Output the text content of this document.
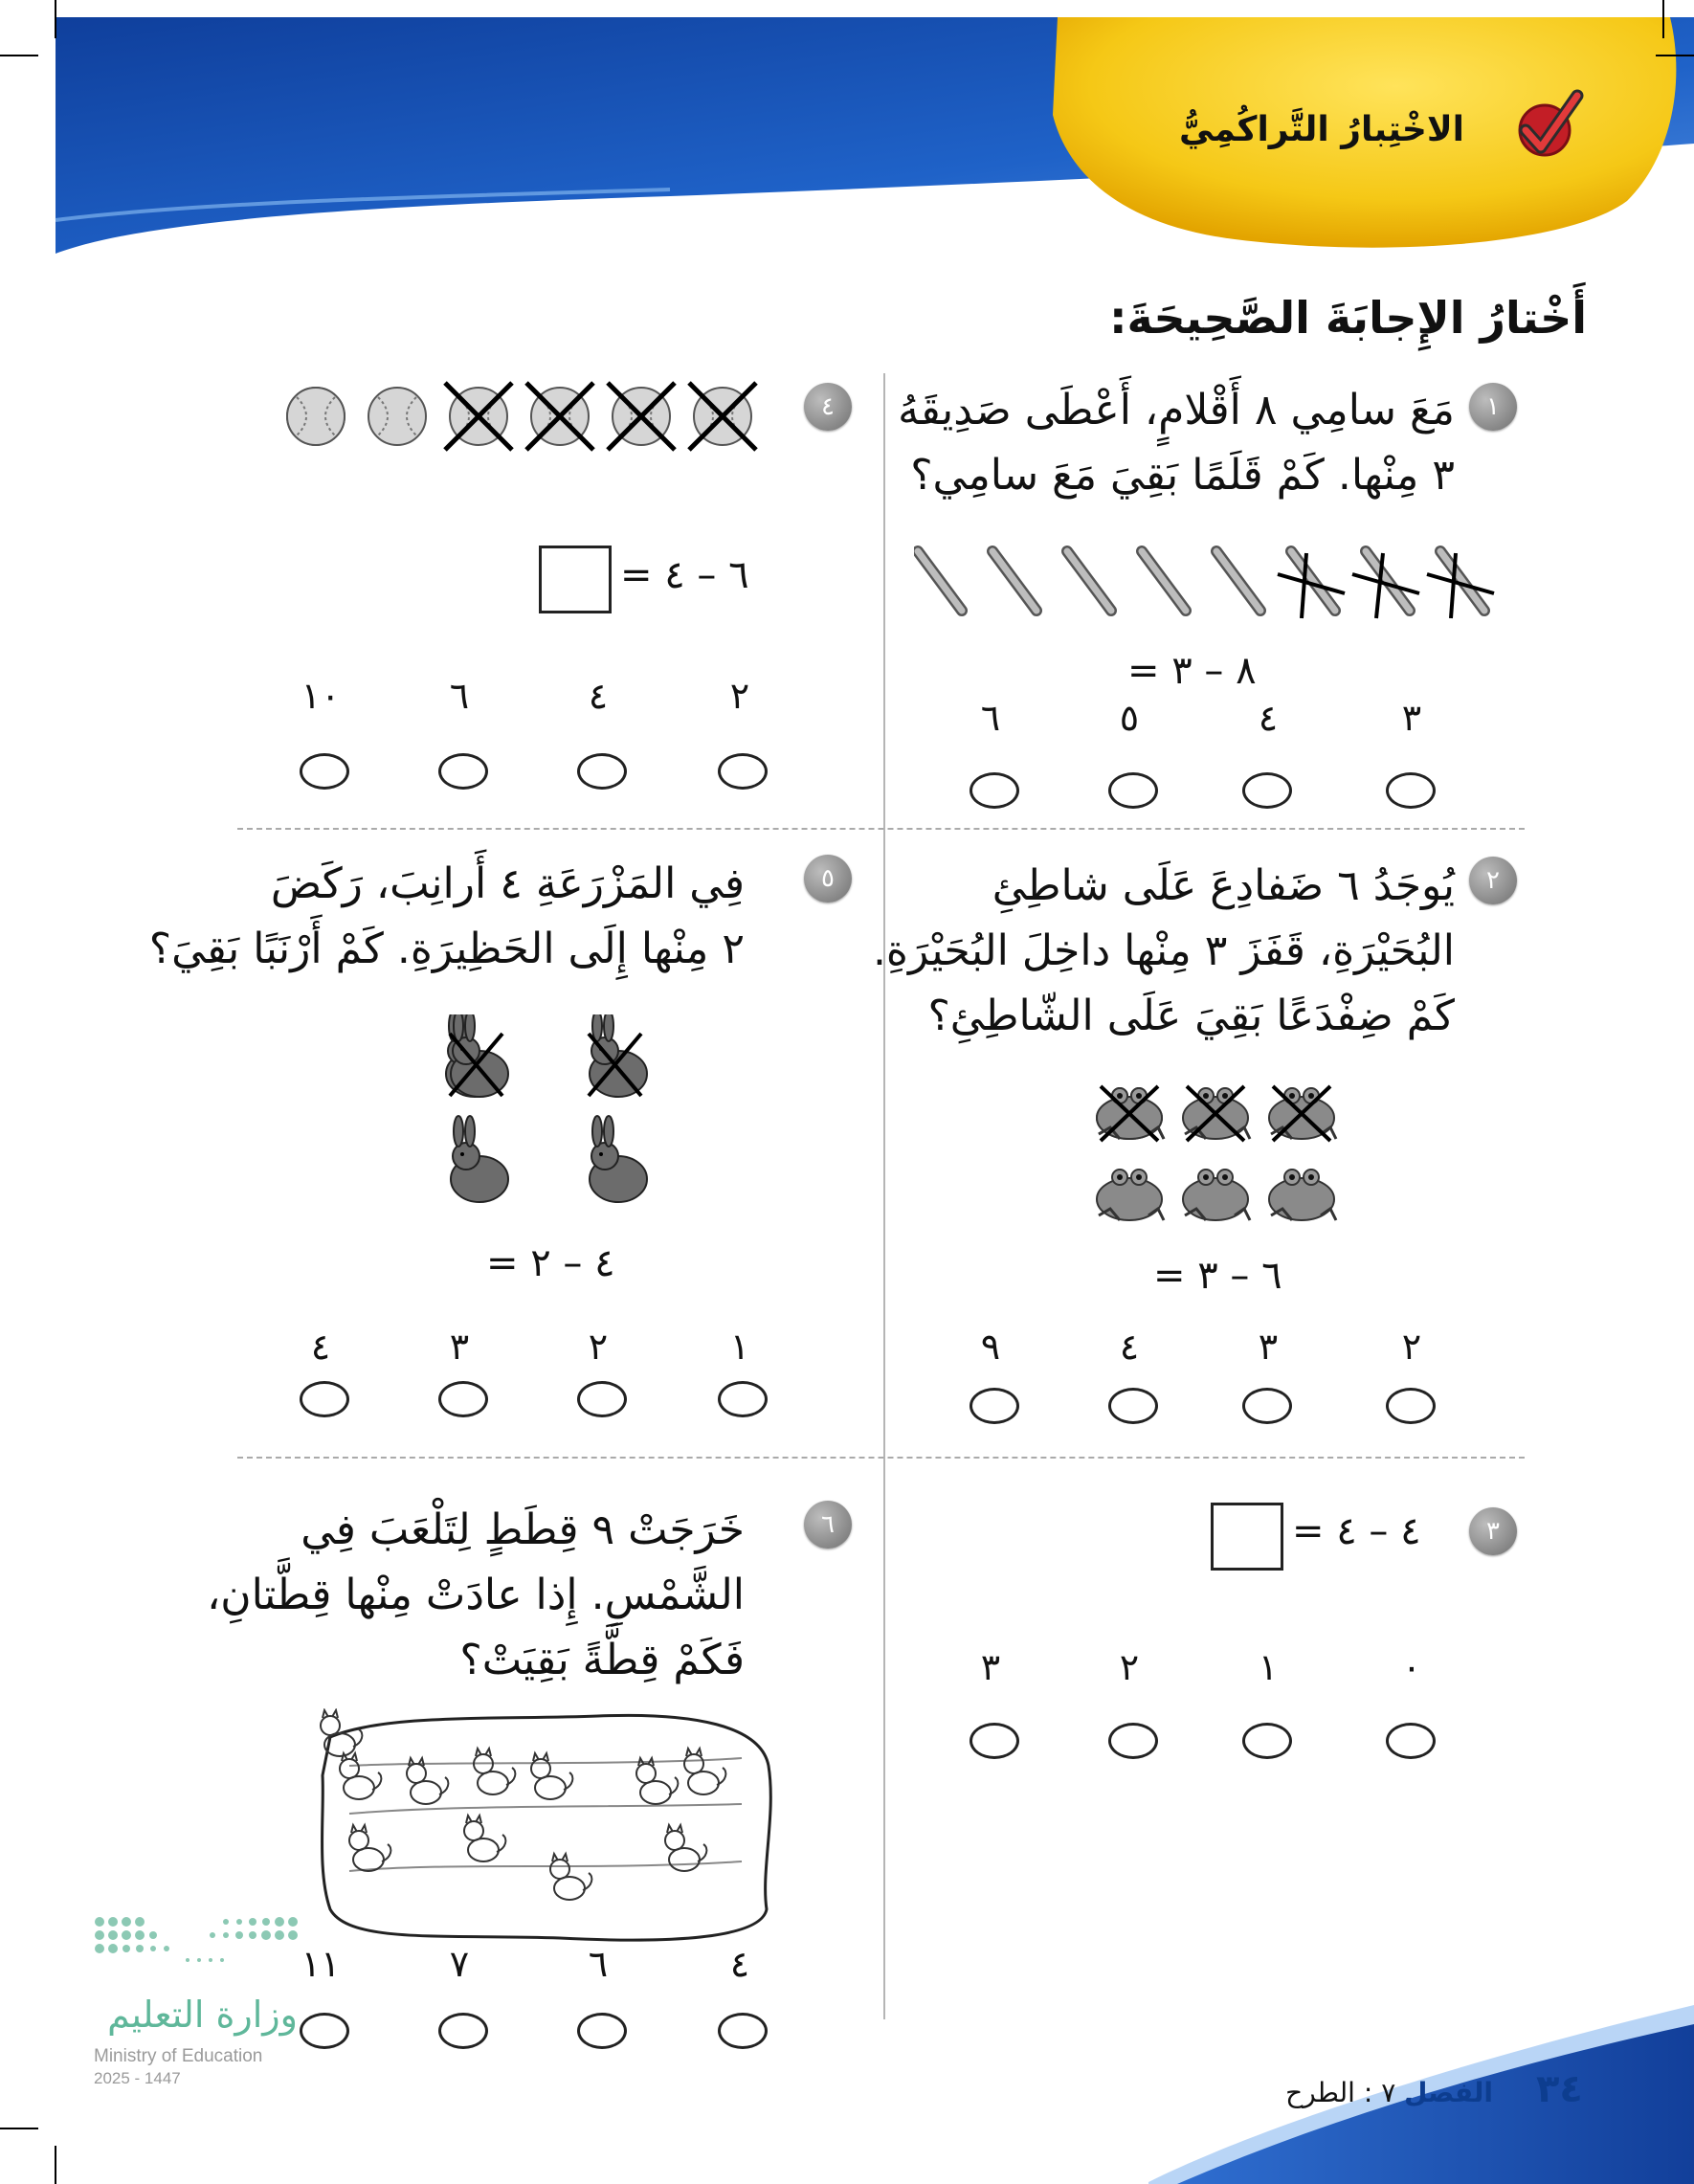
الاخْتِبارُ التَّراكُمِيُّ
أَخْتارُ الإِجابَةَ الصَّحِيحَةَ:
١
مَعَ سامِي ٨ أَقْلامٍ، أَعْطَى صَدِيقَهُ
٣ مِنْها. كَمْ قَلَمًا بَقِيَ مَعَ سامِي؟
٨ – ٣ =
٣
٤
٥
٦
٢
يُوجَدُ ٦ ضَفادِعَ عَلَى شاطِئِ
البُحَيْرَةِ، قَفَزَ ٣ مِنْها داخِلَ البُحَيْرَةِ.
كَمْ ضِفْدَعًا بَقِيَ عَلَى الشّاطِئِ؟
٦ – ٣ =
٢
٣
٤
٩
٣
٤ – ٤ =
٠
١
٢
٣
٤
٦ – ٤ =
٢
٤
٦
١٠
٥
فِي المَزْرَعَةِ ٤ أَرانِبَ، رَكَضَ
٢ مِنْها إِلَى الحَظِيرَةِ. كَمْ أَرْنَبًا بَقِيَ؟
٤ – ٢ =
١
٢
٣
٤
٦
خَرَجَتْ ٩ قِطَطٍ لِتَلْعَبَ فِي
الشَّمْسِ. إِذا عادَتْ مِنْها قِطَّتانِ،
فَكَمْ قِطَّةً بَقِيَتْ؟
٤
٦
٧
١١
وزارة التعليم
Ministry of Education
2025 - 1447	الفصل ٧ : الطرح	٣٤
